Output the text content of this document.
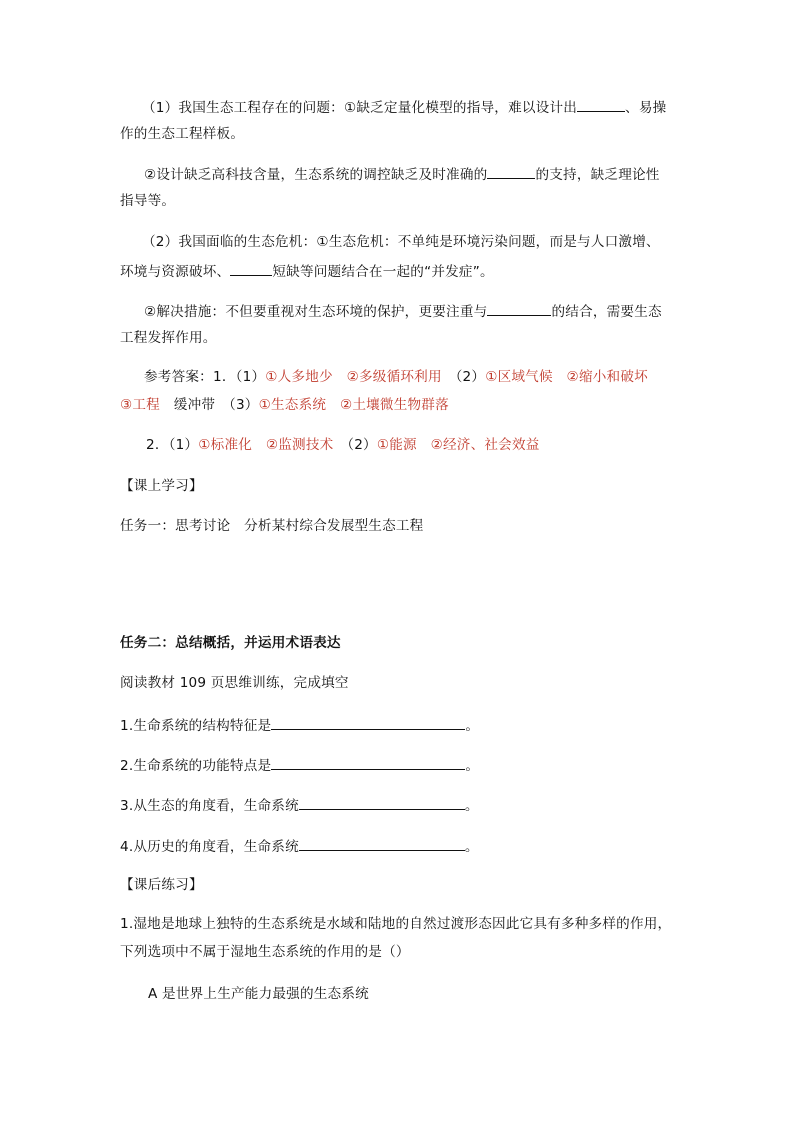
（1）我国生态工程存在的问题：①缺乏定量化模型的指导，难以设计出	、易操
作的生态工程样板。
②设计缺乏高科技含量，生态系统的调控缺乏及时准确的	的支持，缺乏理论性
指导等。
（2）我国面临的生态危机：①生态危机：不单纯是环境污染问题，而是与人口激增、
环境与资源破坏、	短缺等问题结合在一起的“并发症”。
②解决措施：不但要重视对生态环境的保护，更要注重与	的结合，需要生态
工程发挥作用。
参考答案：1．（1）①人多地少　②多级循环利用　（2）①区域气候　②缩小和破坏
③工程　缓冲带　（3）①生态系统　 ②土壤微生物群落
2．（1）①标准化　②监测技术　（2）①能源　②经济、社会效益
【课上学习】
任务一：思考讨论　分析某村综合发展型生态工程
任务二：总结概括，并运用术语表达
阅读教材 109 页思维训练，完成填空
1.生命系统的结构特征是	。
2.生命系统的功能特点是	。
3.从生态的角度看，生命系统	。
4.从历史的角度看，生命系统	。
【课后练习】
1.湿地是地球上独特的生态系统是水域和陆地的自然过渡形态因此它具有多种多样的作用，
下列选项中不属于湿地生态系统的作用的是（）
A 是世界上生产能力最强的生态系统
